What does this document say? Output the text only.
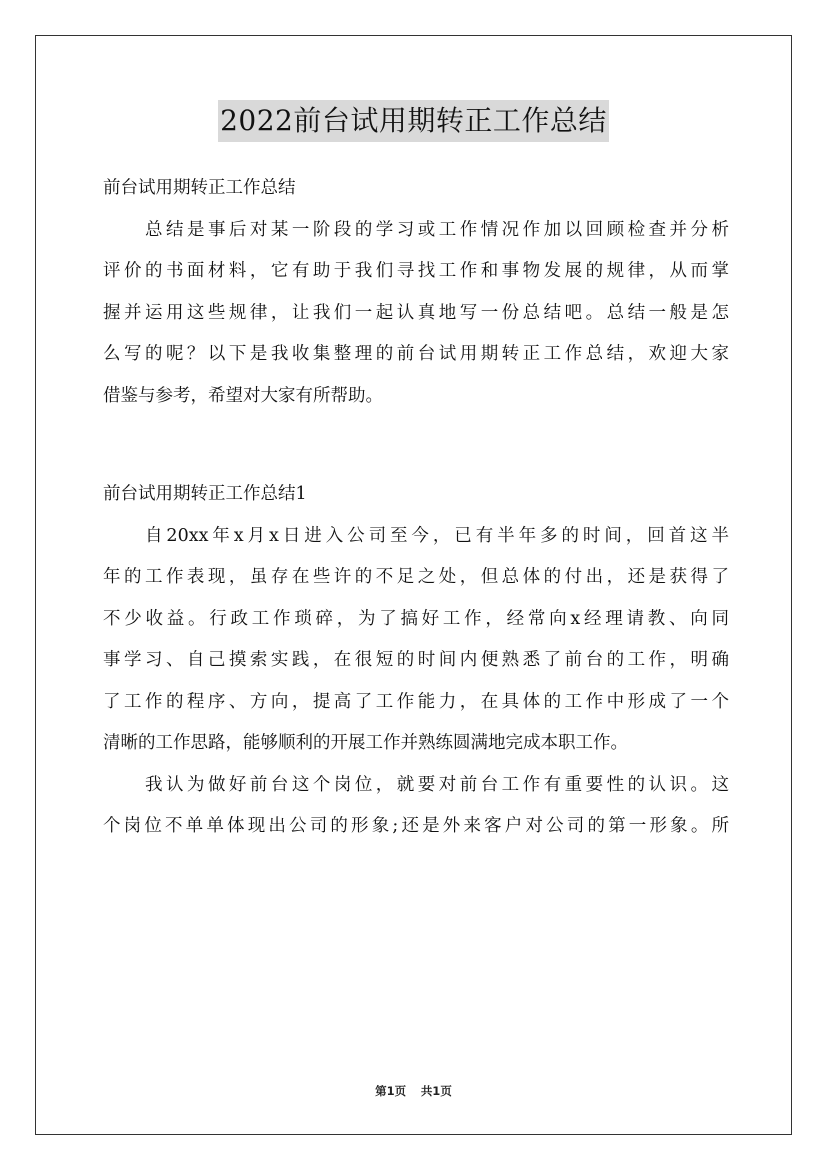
2022前台试用期转正工作总结
前台试用期转正工作总结
总结是事后对某一阶段的学习或工作情况作加以回顾检查并分析
评价的书面材料，它有助于我们寻找工作和事物发展的规律，从而掌
握并运用这些规律，让我们一起认真地写一份总结吧。总结一般是怎
么写的呢？以下是我收集整理的前台试用期转正工作总结，欢迎大家
借鉴与参考，希望对大家有所帮助。
前台试用期转正工作总结1
自20xx年x月x日进入公司至今，已有半年多的时间，回首这半
年的工作表现，虽存在些许的不足之处，但总体的付出，还是获得了
不少收益。行政工作琐碎，为了搞好工作，经常向x经理请教、向同
事学习、自己摸索实践，在很短的时间内便熟悉了前台的工作，明确
了工作的程序、方向，提高了工作能力，在具体的工作中形成了一个
清晰的工作思路，能够顺利的开展工作并熟练圆满地完成本职工作。
我认为做好前台这个岗位，就要对前台工作有重要性的认识。这
个岗位不单单体现出公司的形象;还是外来客户对公司的第一形象。所
第1页 共1页
